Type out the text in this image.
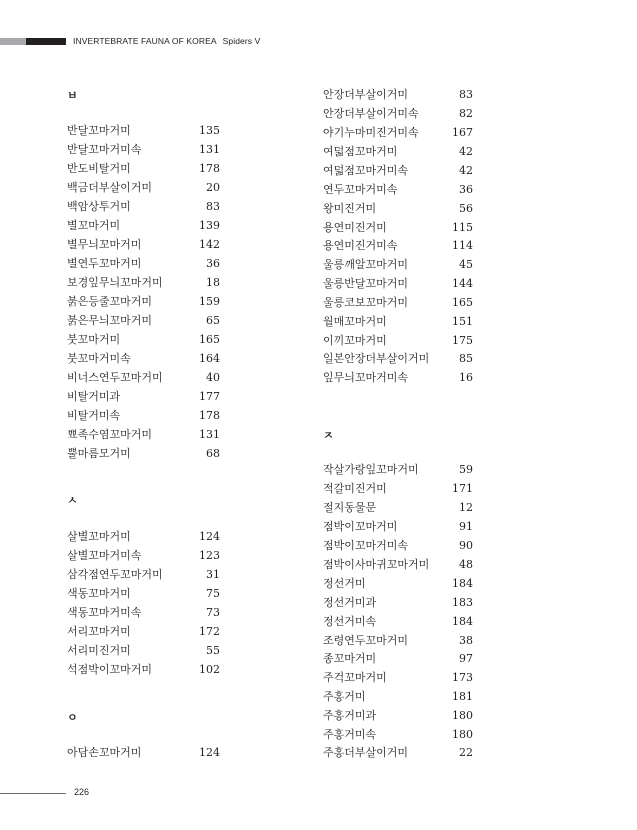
INVERTEBRATE FAUNA OF KOREA Spiders V
ㅂ
반달꼬마거미	135
반달꼬마거미속	131
반도비탈거미	178
백금더부살이거미	20
백암상투거미	83
별꼬마거미	139
별무늬꼬마거미	142
별연두꼬마거미	36
보경잎무늬꼬마거미	18
붉은등줄꼬마거미	159
붉은무늬꼬마거미	65
붓꼬마거미	165
붓꼬마거미속	164
비너스연두꼬마거미	40
비탈거미과	177
비탈거미속	178
뾰족수염꼬마거미	131
뿔마름모거미	68
ㅅ
살별꼬마거미	124
살별꼬마거미속	123
삼각점연두꼬마거미	31
색동꼬마거미	75
색동꼬마거미속	73
서리꼬마거미	172
서리미진거미	55
석점박이꼬마거미	102
ㅇ
아담손꼬마거미	124
안장더부살이거미	83
안장더부살이거미속	82
야기누마미진거미속	167
여덟점꼬마거미	42
여덟점꼬마거미속	42
연두꼬마거미속	36
왕미진거미	56
용연미진거미	115
용연미진거미속	114
울릉깨알꼬마거미	45
울릉반달꼬마거미	144
울릉코보꼬마거미	165
월매꼬마거미	151
이끼꼬마거미	175
일본안장더부살이거미	85
잎무늬꼬마거미속	16
ㅈ
작살가랑잎꼬마거미	59
적갈미진거미	171
절지동물문	12
점박이꼬마거미	91
점박이꼬마거미속	90
점박이사마귀꼬마거미	48
정선거미	184
정선거미과	183
정선거미속	184
조령연두꼬마거미	38
종꼬마거미	97
주걱꼬마거미	173
주홍거미	181
주홍거미과	180
주홍거미속	180
주홍더부살이거미	22
226
